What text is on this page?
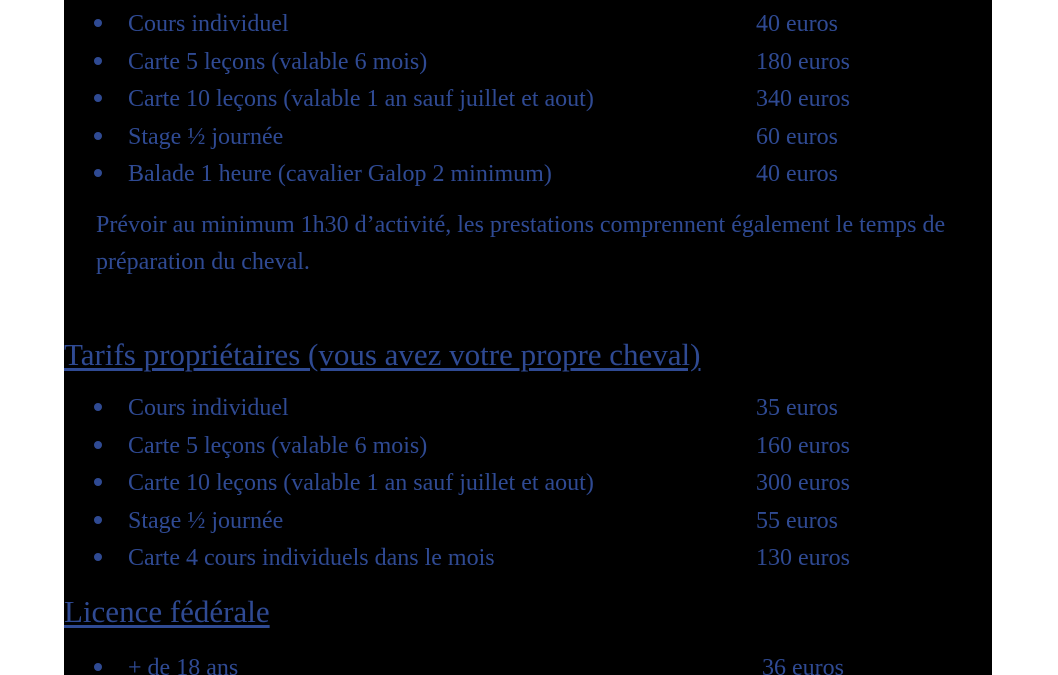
Cours individuel	40 euros
Carte 5 leçons (valable 6 mois)	180 euros
Carte 10 leçons (valable 1 an sauf juillet et aout)	340 euros
Stage ½ journée	60 euros
Balade 1 heure (cavalier Galop 2 minimum)	40 euros

Prévoir au minimum 1h30 d’activité, les prestations comprennent également le temps de préparation du cheval.

Tarifs propriétaires (vous avez votre propre cheval)
Cours individuel	35 euros
Carte 5 leçons (valable 6 mois)	160 euros
Carte 10 leçons (valable 1 an sauf juillet et aout)	300 euros
Stage ½ journée	55 euros
Carte 4 cours individuels dans le mois	130 euros
Licence fédérale
+ de 18 ans	36 euros
